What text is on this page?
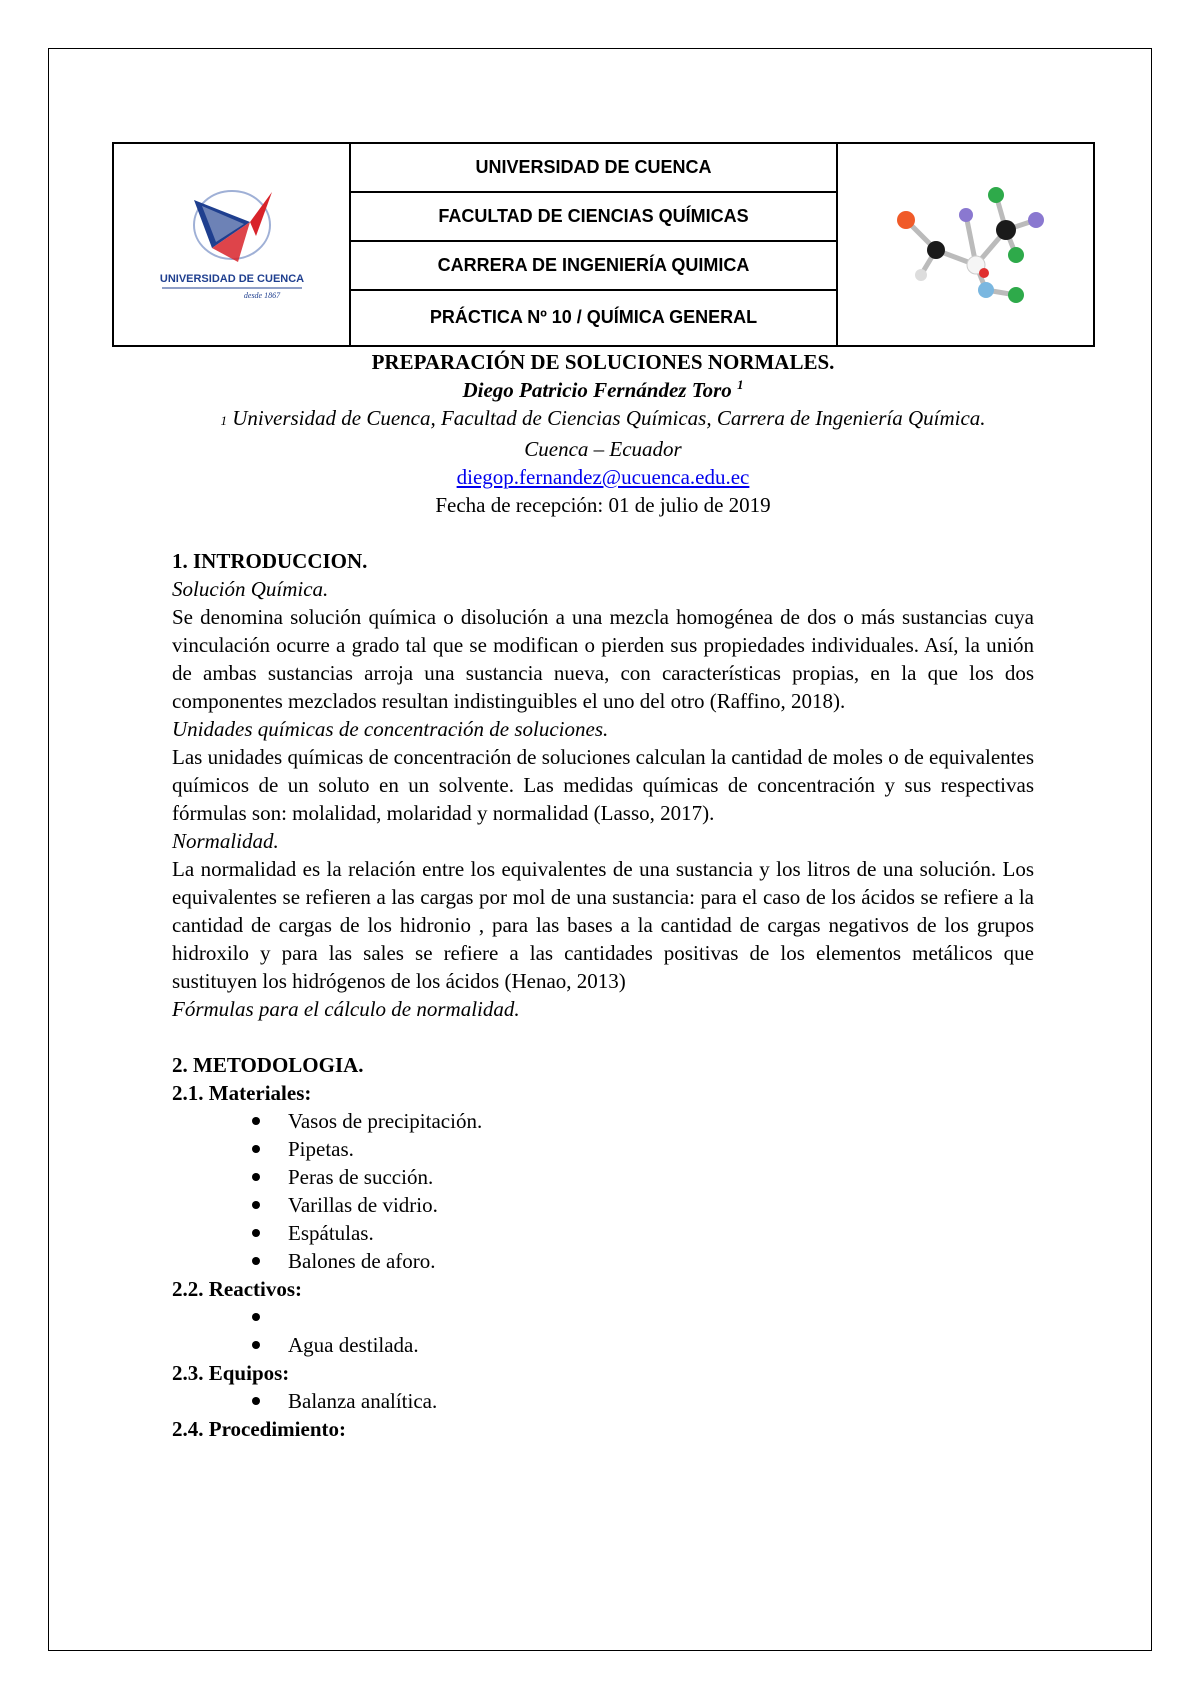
UNIVERSIDAD DE CUENCA
desde 1867
UNIVERSIDAD DE CUENCA
FACULTAD DE CIENCIAS QUÍMICAS
CARRERA DE INGENIERÍA QUIMICA
PRÁCTICA Nº 10 / QUÍMICA GENERAL
PREPARACIÓN DE SOLUCIONES NORMALES.
Diego Patricio Fernández Toro $^1$
1 Universidad de Cuenca, Facultad de Ciencias Químicas, Carrera de Ingeniería Química.
Cuenca – Ecuador
diegop.fernandez@ucuenca.edu.ec
Fecha de recepción: 01 de julio de 2019
1. INTRODUCCION.
Solución Química.
Se denomina solución química o disolución a una mezcla homogénea de dos o más sustancias cuya vinculación ocurre a grado tal que se modifican o pierden sus propiedades individuales. Así, la unión de ambas sustancias arroja una sustancia nueva, con características propias, en la que los dos componentes mezclados resultan indistinguibles el uno del otro (Raffino, 2018).
Unidades químicas de concentración de soluciones.
Las unidades químicas de concentración de soluciones calculan la cantidad de moles o de equivalentes químicos de un soluto en un solvente. Las medidas químicas de concentración y sus respectivas fórmulas son: molalidad, molaridad y normalidad (Lasso, 2017).
Normalidad.
La normalidad es la relación entre los equivalentes de una sustancia y los litros de una solución. Los equivalentes se refieren a las cargas por mol de una sustancia: para el caso de los ácidos se refiere a la cantidad de cargas de los hidronio , para las bases a la cantidad de cargas negativos de los grupos hidroxilo y para las sales se refiere a las cantidades positivas de los elementos metálicos que sustituyen los hidrógenos de los ácidos (Henao, 2013)
Fórmulas para el cálculo de normalidad.
2. METODOLOGIA.
2.1. Materiales:
Vasos de precipitación.
Pipetas.
Peras de succión.
Varillas de vidrio.
Espátulas.
Balones de aforo.
2.2. Reactivos:
Agua destilada.
2.3. Equipos:
Balanza analítica.
2.4. Procedimiento:
